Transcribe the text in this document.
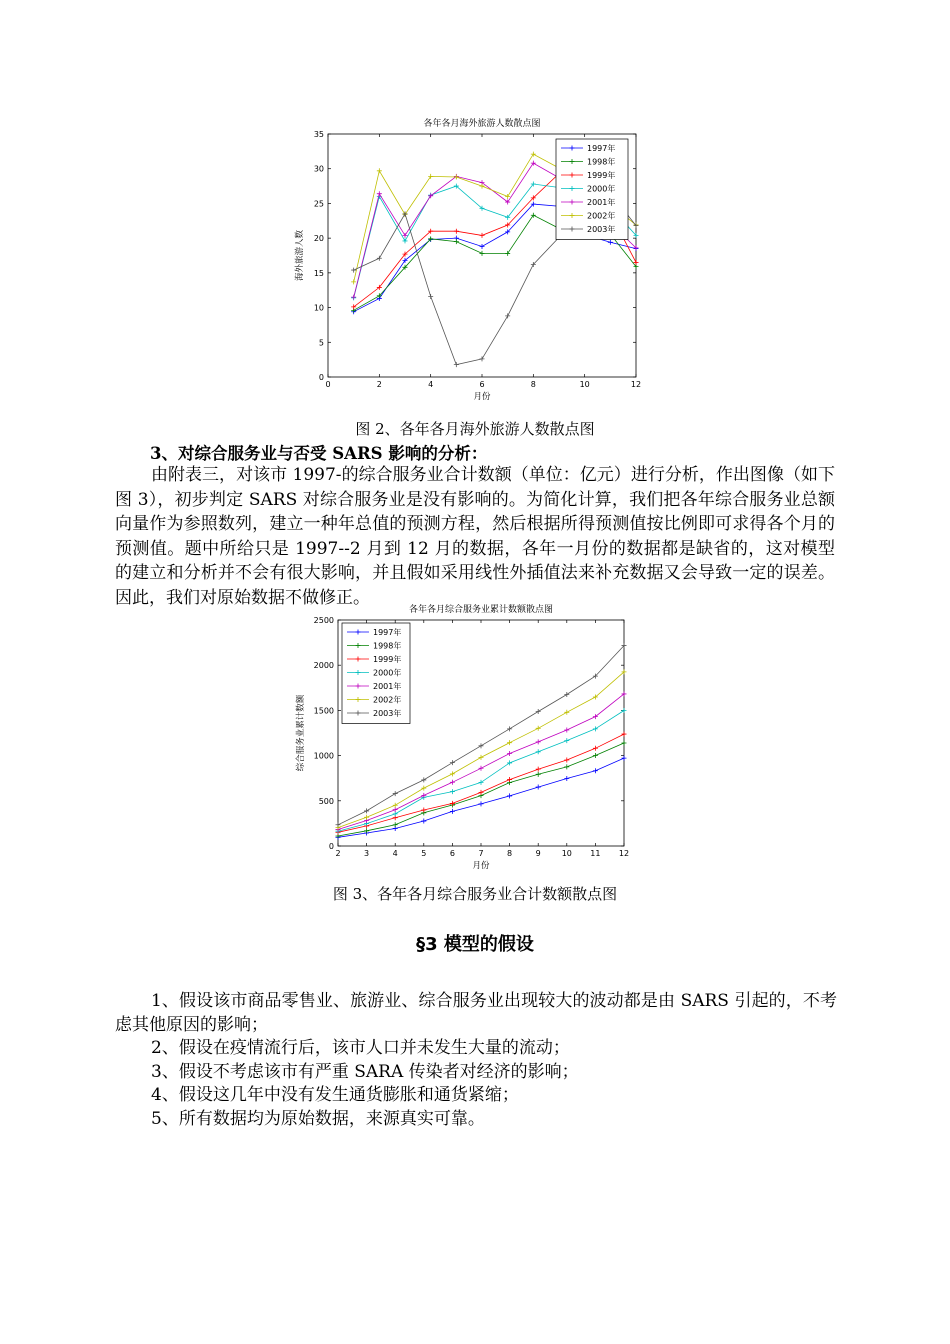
各年各月海外旅游人数散点图
0	2	4	6	8	10	12
0
5
10
15
20
25
30
35
月份
海外旅游人数
1997年
1998年
1999年
2000年
2001年
2002年
2003年
图 2、各年各月海外旅游人数散点图
3、对综合服务业与否受 SARS 影响的分析：
由附表三，对该市 1997-的综合服务业合计数额（单位：亿元）进行分析，作出图像（如下图 3），初步判定 SARS 对综合服务业是没有影响的。为简化计算，我们把各年综合服务业总额向量作为参照数列，建立一种年总值的预测方程，然后根据所得预测值按比例即可求得各个月的预测值。题中所给只是 1997--2 月到 12 月的数据，各年一月份的数据都是缺省的，这对模型的建立和分析并不会有很大影响，并且假如采用线性外插值法来补充数据又会导致一定的误差。因此，我们对原始数据不做修正。
各年各月综合服务业累计数额散点图
2	3	4	5	6	7	8	9	10 11 12
0
500
1000
1500
2000
2500
月份
综合服务业累计数额
1997年
1998年
1999年
2000年
2001年
2002年
2003年
图 3、各年各月综合服务业合计数额散点图
§3 模型的假设
1、假设该市商品零售业、旅游业、综合服务业出现较大的波动都是由 SARS 引起的，不考虑其他原因的影响；
2、假设在疫情流行后，该市人口并未发生大量的流动；
3、假设不考虑该市有严重 SARA 传染者对经济的影响；
4、假设这几年中没有发生通货膨胀和通货紧缩；
5、所有数据均为原始数据，来源真实可靠。
